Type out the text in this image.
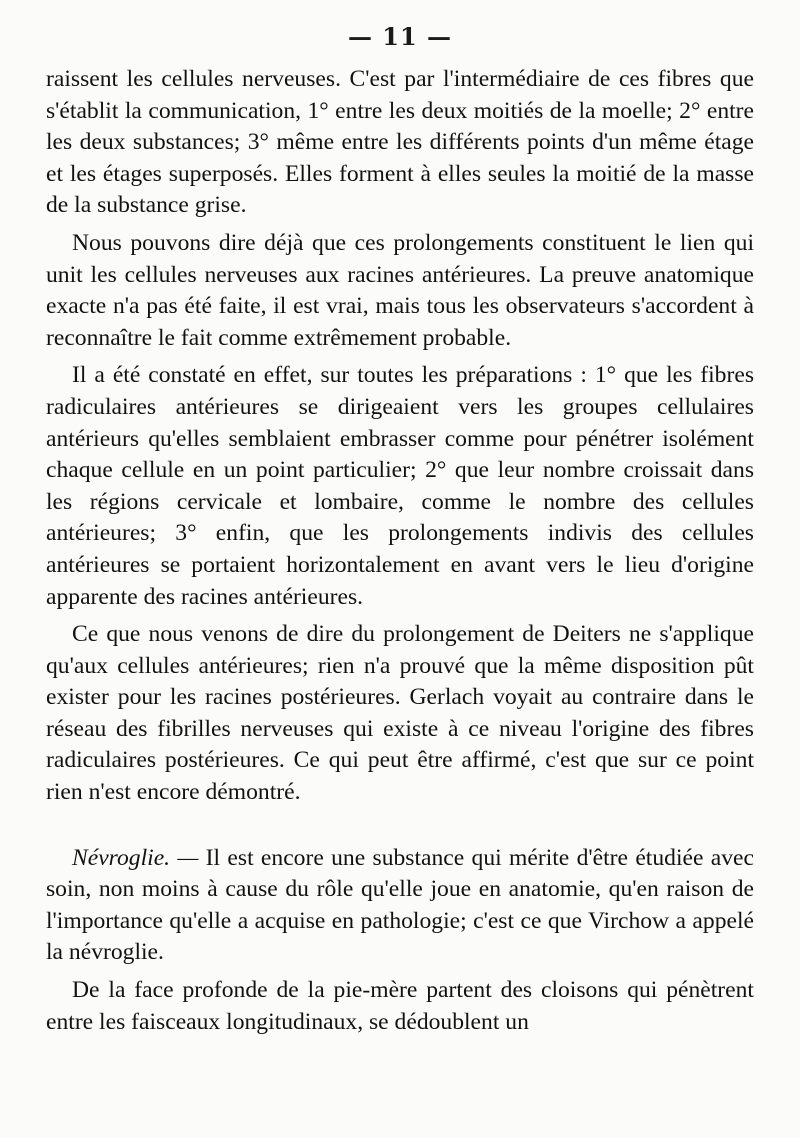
— 11 —

raissent les cellules nerveuses. C'est par l'intermédiaire de ces fibres que s'établit la communication, 1° entre les deux moitiés de la moelle; 2° entre les deux substances; 3° même entre les différents points d'un même étage et les étages superposés. Elles forment à elles seules la moitié de la masse de la substance grise.

Nous pouvons dire déjà que ces prolongements constituent le lien qui unit les cellules nerveuses aux racines antérieures. La preuve anatomique exacte n'a pas été faite, il est vrai, mais tous les observateurs s'accordent à reconnaître le fait comme extrêmement probable.

Il a été constaté en effet, sur toutes les préparations : 1° que les fibres radiculaires antérieures se dirigeaient vers les groupes cellulaires antérieurs qu'elles semblaient embrasser comme pour pénétrer isolément chaque cellule en un point particulier; 2° que leur nombre croissait dans les régions cervicale et lombaire, comme le nombre des cellules antérieures; 3° enfin, que les prolongements indivis des cellules antérieures se portaient horizontalement en avant vers le lieu d'origine apparente des racines antérieures.

Ce que nous venons de dire du prolongement de Deiters ne s'applique qu'aux cellules antérieures; rien n'a prouvé que la même disposition pût exister pour les racines postérieures. Gerlach voyait au contraire dans le réseau des fibrilles nerveuses qui existe à ce niveau l'origine des fibres radiculaires postérieures. Ce qui peut être affirmé, c'est que sur ce point rien n'est encore démontré.

Névroglie. — Il est encore une substance qui mérite d'être étudiée avec soin, non moins à cause du rôle qu'elle joue en anatomie, qu'en raison de l'importance qu'elle a acquise en pathologie; c'est ce que Virchow a appelé la névroglie.

De la face profonde de la pie-mère partent des cloisons qui pénètrent entre les faisceaux longitudinaux, se dédoublent un
